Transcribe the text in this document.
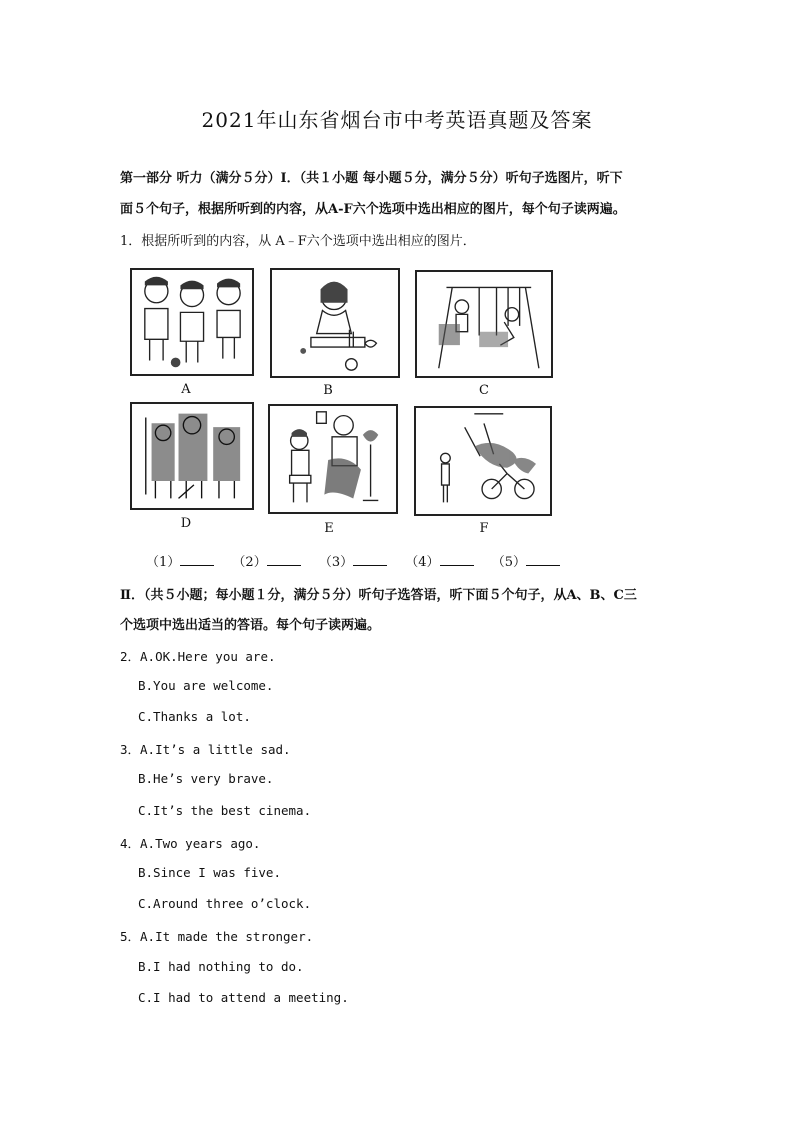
2021年山东省烟台市中考英语真题及答案
第一部分 听力（满分５分）Ⅰ．（共１小题 每小题５分，满分５分）听句子选图片，听下
面５个句子，根据所听到的内容，从A-F六个选项中选出相应的图片，每个句子读两遍。
1．根据所听到的内容，从 A﹣F六个选项中选出相应的图片．
A	B	C
D	E	F
（1）	（2）	（3）	（4）	（5）
Ⅱ．（共５小题；每小题１分，满分５分）听句子选答语，听下面５个句子，从A、B、C三
个选项中选出适当的答语。每个句子读两遍。
2．A.OK.Here you are.
B.You are welcome.
C.Thanks a lot.
3．A.It’s a little sad.
B.He’s very brave.
C.It’s the best cinema.
4．A.Two years ago.
B.Since I was five.
C.Around three o’clock.
5．A.It made the stronger.
B.I had nothing to do.
C.I had to attend a meeting.
